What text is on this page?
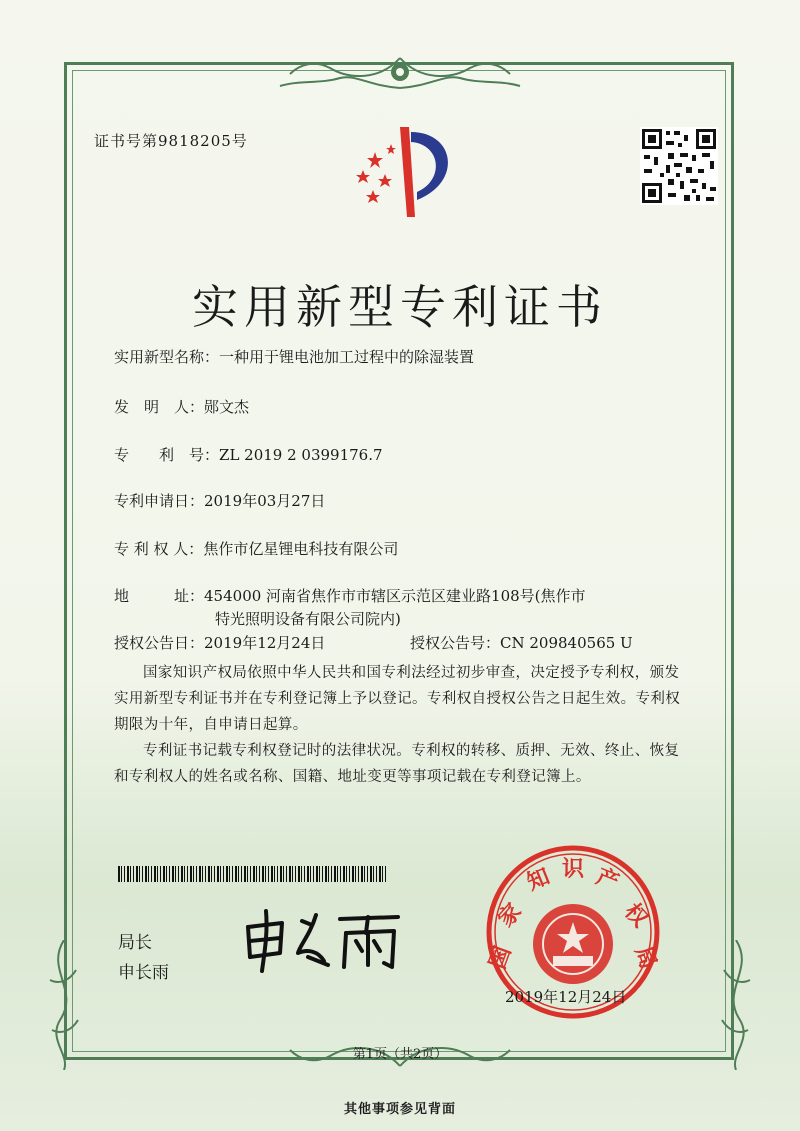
证书号第9818205号
实用新型专利证书
实用新型名称：一种用于锂电池加工过程中的除湿装置
发　明　人：郧文杰
专　　利　号：ZL 2019 2 0399176.7
专利申请日：2019年03月27日
专 利 权 人：焦作市亿星锂电科技有限公司
地　　　址：454000 河南省焦作市市辖区示范区建业路108号(焦作市
特光照明设备有限公司院内)
授权公告日：2019年12月24日	授权公告号：CN 209840565 U

国家知识产权局依照中华人民共和国专利法经过初步审查，决定授予专利权，颁发实用新型专利证书并在专利登记簿上予以登记。专利权自授权公告之日起生效。专利权期限为十年，自申请日起算。

专利证书记载专利权登记时的法律状况。专利权的转移、质押、无效、终止、恢复和专利权人的姓名或名称、国籍、地址变更等事项记载在专利登记簿上。

局长
申长雨
国
家
知 识 产
权
局
2019年12月24日
第1页（共2页）
其他事项参见背面
